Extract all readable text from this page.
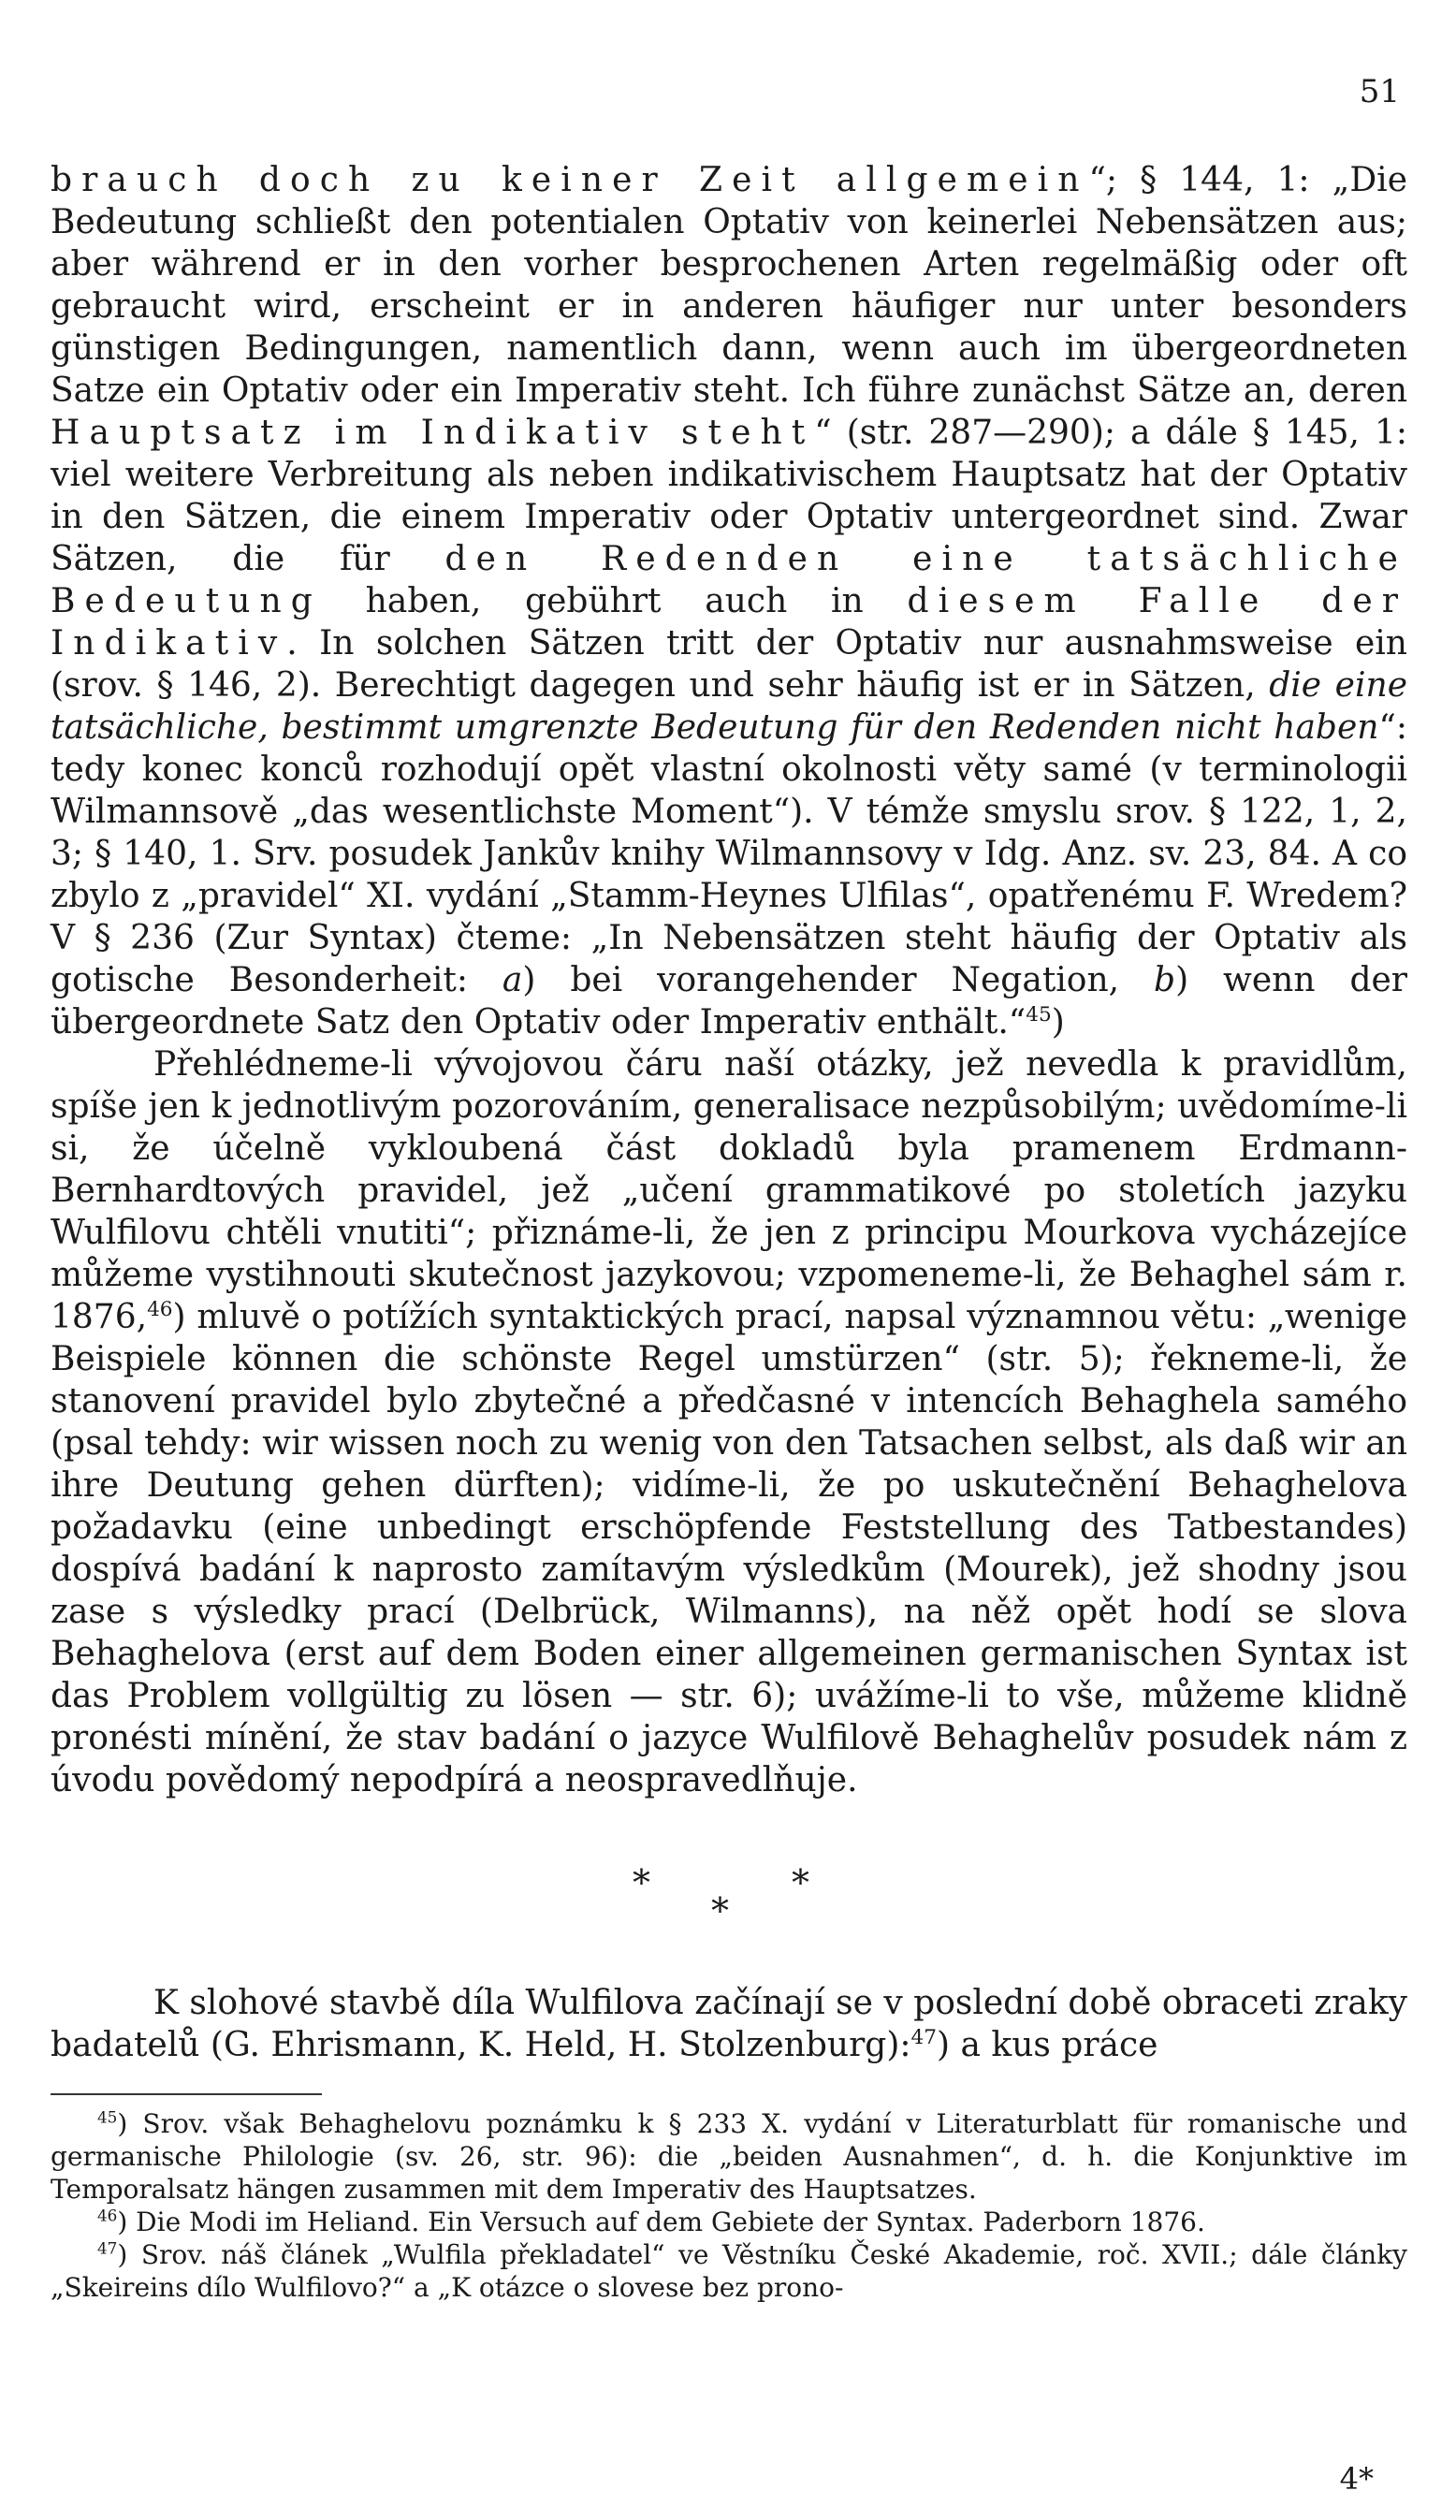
51

brauch doch zu keiner Zeit allgemein“; § 144, 1: „Die Bedeutung schließt den potentialen Optativ von keinerlei Nebensätzen aus; aber während er in den vorher besprochenen Arten regelmäßig oder oft gebraucht wird, erscheint er in anderen häufiger nur unter besonders günstigen Bedingungen, namentlich dann, wenn auch im übergeordneten Satze ein Optativ oder ein Imperativ steht. Ich führe zunächst Sätze an, deren Hauptsatz im Indikativ steht“ (str. 287—290); a dále § 145, 1: viel weitere Verbreitung als neben indikativischem Hauptsatz hat der Optativ in den Sätzen, die einem Imperativ oder Optativ untergeordnet sind. Zwar Sätzen, die für den Redenden eine tatsächliche Bedeutung haben, gebührt auch in diesem Falle der Indikativ. In solchen Sätzen tritt der Optativ nur ausnahmsweise ein (srov. § 146, 2). Berechtigt dagegen und sehr häufig ist er in Sätzen, die eine tatsächliche, bestimmt umgrenzte Bedeutung für den Redenden nicht haben“: tedy konec konců rozhodují opět vlastní okolnosti věty samé (v terminologii Wilmannsově „das wesentlichste Moment“). V témže smyslu srov. § 122, 1, 2, 3; § 140, 1. Srv. posudek Jankův knihy Wilmannsovy v Idg. Anz. sv. 23, 84. A co zbylo z „pravidel“ XI. vydání „Stamm-Heynes Ulfilas“, opatřenému F. Wredem? V § 236 (Zur Syntax) čteme: „In Nebensätzen steht häufig der Optativ als gotische Besonderheit: a) bei vorangehender Negation, b) wenn der übergeordnete Satz den Optativ oder Imperativ enthält.“$^{45}$)

Přehlédneme-li vývojovou čáru naší otázky, jež nevedla k pravidlům, spíše jen k jednotlivým pozorováním, generalisace nezpůsobilým; uvědomíme-li si, že účelně vykloubená část dokladů byla pramenem Erdmann-Bernhardtových pravidel, jež „učení grammatikové po stoletích jazyku Wulfilovu chtěli vnutiti“; přiznáme-li, že jen z principu Mourkova vycházejíce můžeme vystihnouti skutečnost jazykovou; vzpomeneme-li, že Behaghel sám r. 1876,46) mluvě o potížích syntaktických prací, napsal významnou větu: „wenige Beispiele können die schönste Regel umstürzen“ (str. 5); řekneme-li, že stanovení pravidel bylo zbytečné a předčasné v intencích Behaghela samého (psal tehdy: wir wissen noch zu wenig von den Tatsachen selbst, als daß wir an ihre Deutung gehen dürften); vidíme-li, že po uskutečnění Behaghelova požadavku (eine unbedingt erschöpfende Feststellung des Tatbestandes) dospívá badání k naprosto zamítavým výsledkům (Mourek), jež shodny jsou zase s výsledky prací (Delbrück, Wilmanns), na něž opět hodí se slova Behaghelova (erst auf dem Boden einer allgemeinen germanischen Syntax ist das Problem vollgültig zu lösen — str. 6); uvážíme-li to vše, můžeme klidně pronésti mínění, že stav badání o jazyce Wulfilově Behaghelův posudek nám z úvodu povědomý nepodpírá a neospravedlňuje.

*
*
*

K slohové stavbě díla Wulfilova začínají se v poslední době obraceti zraky badatelů (G. Ehrismann, K. Held, H. Stolzenburg):$^{47}$) a kus práce

$^{45}$) Srov. však Behaghelovu poznámku k § 233 X. vydání v Literaturblatt für romanische und germanische Philologie (sv. 26, str. 96): die „beiden Ausnahmen“, d. h. die Konjunktive im Temporalsatz hängen zusammen mit dem Imperativ des Hauptsatzes.

$^{46}$) Die Modi im Heliand. Ein Versuch auf dem Gebiete der Syntax. Paderborn 1876.

$^{47}$) Srov. náš článek „Wulfila překladatel“ ve Věstníku České Akademie, roč. XVII.; dále články „Skeireins dílo Wulfilovo?“ a „K otázce o slovese bez prono-

4*
